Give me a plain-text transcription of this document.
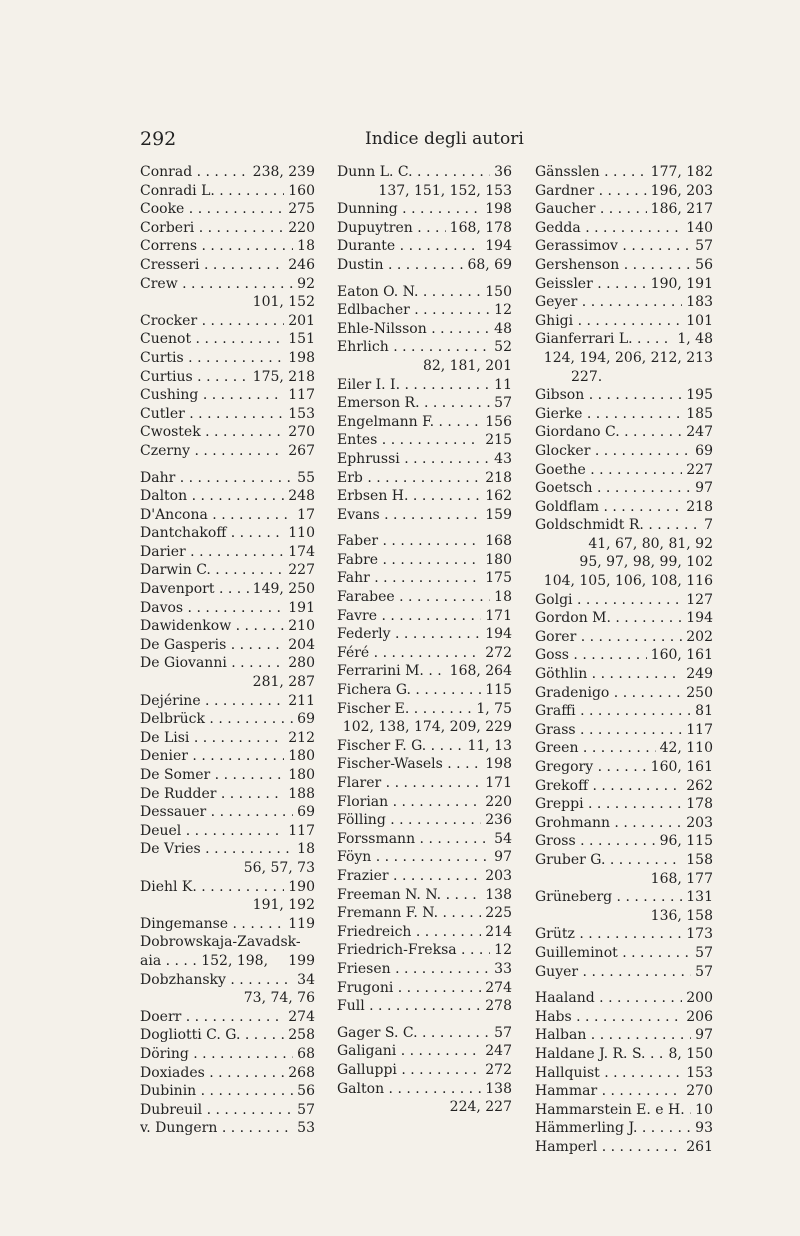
292	Indice degli autori
Conrad . . .	238, 239
Conradi L. . . .	160
Cooke . . .	275
Corberi . . .	220
Correns . . .	18
Cresseri . . .	246
Crew . . .	92
101, 152
Crocker . . .	201
Cuenot . . .	151
Curtis . . .	198
Curtius . . .	175, 218
Cushing . . .	117
Cutler . . .	153
Cwostek . . .	270
Czerny . . .	267
Dahr . . .	55
Dalton . . .	248
D'Ancona . . .	17
Dantchakoff . . .	110
Darier . . .	174
Darwin C. . . .	227
Davenport . . .	149, 250
Davos . . .	191
Dawidenkow . . .	210
De Gasperis . . .	204
De Giovanni . . .	280
281, 287
Dejérine . . .	211
Delbrück . . .	69
De Lisi . . .	212
Denier . . .	180
De Somer . . .	180
De Rudder . . .	188
Dessauer . . .	69
Deuel . . .	117
De Vries . . .	18
56, 57, 73
Diehl K. . . .	190
191, 192
Dingemanse . . .	119
Dobrowskaja-Zavadsk-
aia . . . . 152, 198,	199
Dobzhansky . . .	34
73, 74, 76
Doerr . . .	274
Dogliotti C. G. . . .	258
Döring . . .	68
Doxiades . . .	268
Dubinin . . .	56
Dubreuil . . .	57
v. Dungern . . .	53
Dunn L. C. . . .	36
137, 151, 152, 153
Dunning . . .	198
Dupuytren . . .	168, 178
Durante . . .	194
Dustin . . .	68, 69
Eaton O. N. . . .	150
Edlbacher . . .	12
Ehle-Nilsson . . .	48
Ehrlich . . .	52
82, 181, 201
Eiler I. I. . . .	11
Emerson R. . . .	57
Engelmann F. . . .	156
Entes . . .	215
Ephrussi . . .	43
Erb . . .	218
Erbsen H. . . .	162
Evans . . .	159
Faber . . .	168
Fabre . . .	180
Fahr . . .	175
Farabee . . .	18
Favre . . .	171
Federly . . .	194
Féré . . .	272
Ferrarini M. . . .	168, 264
Fichera G. . . .	115
Fischer E. . . .	1, 75
102, 138, 174, 209, 229
Fischer F. G. . . .	11, 13
Fischer-Wasels . . .	198
Flarer . . .	171
Florian . . .	220
Fölling . . .	236
Forssmann . . .	54
Föyn . . .	97
Frazier . . .	203
Freeman N. N. . . .	138
Fremann F. N. . . .	225
Friedreich . . .	214
Friedrich-Freksa . . .	12
Friesen . . .	33
Frugoni . . .	274
Full . . .	278
Gager S. C. . . .	57
Galigani . . .	247
Galluppi . . .	272
Galton . . .	138
224, 227
Gänsslen . . .	177, 182
Gardner . . .	196, 203
Gaucher . . .	186, 217
Gedda . . .	140
Gerassimov . . .	57
Gershenson . . .	56
Geissler . . .	190, 191
Geyer . . .	183
Ghigi . . .	101
Gianferrari L. . . .	1, 48
124, 194, 206, 212, 213
227.
Gibson . . .	195
Gierke . . .	185
Giordano C. . . .	247
Glocker . . .	69
Goethe . . .	227
Goetsch . . .	97
Goldflam . . .	218
Goldschmidt R. . . .	7
41, 67, 80, 81, 92
95, 97, 98, 99, 102
104, 105, 106, 108, 116
Golgi . . .	127
Gordon M. . . .	194
Gorer . . .	202
Goss . . .	160, 161
Göthlin . . .	249
Gradenigo . . .	250
Graffi . . .	81
Grass . . .	117
Green . . .	42, 110
Gregory . . .	160, 161
Grekoff . . .	262
Greppi . . .	178
Grohmann . . .	203
Gross . . .	96, 115
Gruber G. . . .	158
168, 177
Grüneberg . . .	131
136, 158
Grütz . . .	173
Guilleminot . . .	57
Guyer . . .	57
Haaland . . .	200
Habs . . .	206
Halban . . .	97
Haldane J. R. S. . . .	8, 150
Hallquist . . .	153
Hammar . . .	270
Hammarstein E. e H. . . . 10
Hämmerling J. . . .	93
Hamperl . . .	261
